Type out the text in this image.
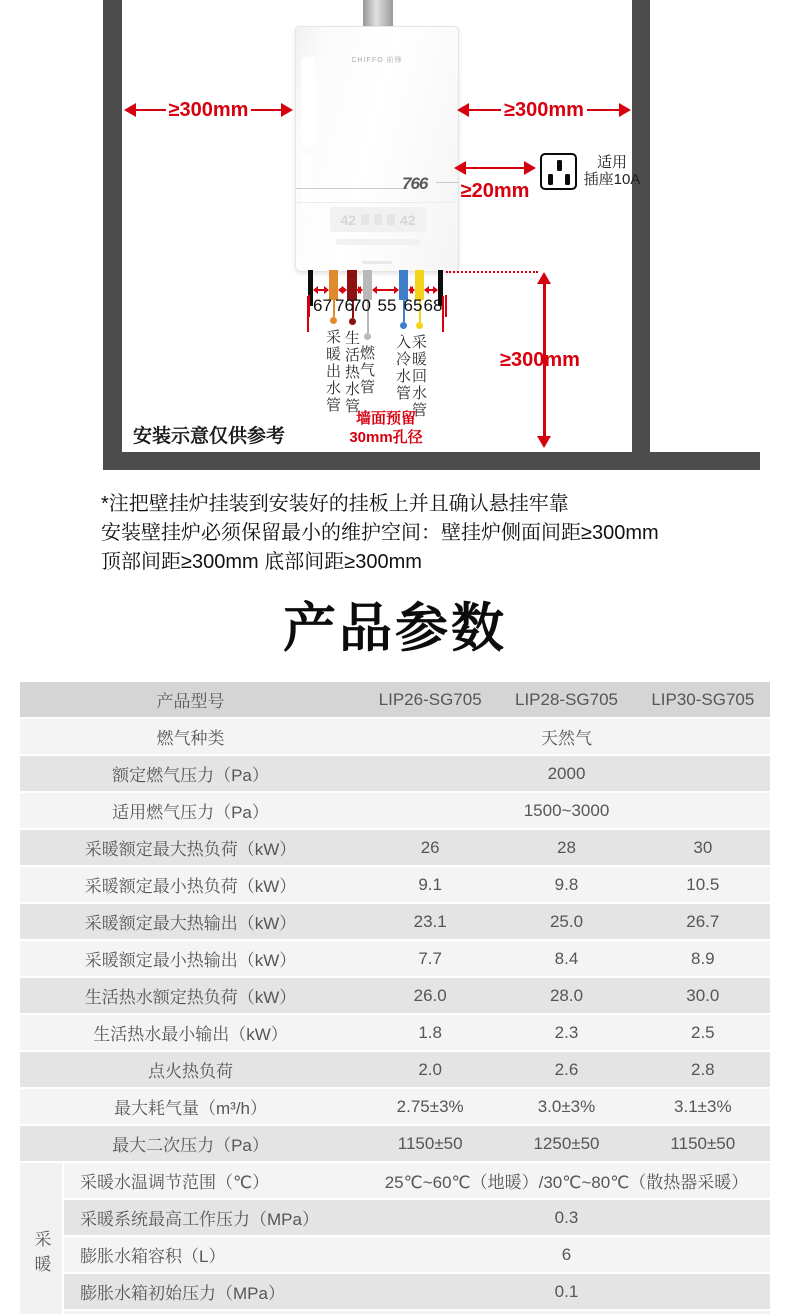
CHIFFO 前锋
766
42	42
≥300mm	≥300mm
≥20mm
适用
插座10A
≥300mm
采暖出水管 生活热水管
燃气管 入冷水管 采暖回水管
67 76
70 55 65 68
墙面预留
30mm孔径
安装示意仅供参考
*注把壁挂炉挂装到安装好的挂板上并且确认悬挂牢靠
安装壁挂炉必须保留最小的维护空间：壁挂炉侧面间距≥300mm
顶部间距≥300mm 底部间距≥300mm
产品参数
产品型号	LIP26-SG705	LIP28-SG705	LIP30-SG705
燃气种类	天然气
额定燃气压力（Pa）	2000
适用燃气压力（Pa）	1500~3000
采暖额定最大热负荷（kW）	26	28	30
采暖额定最小热负荷（kW）	9.1	9.8	10.5
采暖额定最大热输出（kW）	23.1	25.0	26.7
采暖额定最小热输出（kW）	7.7	8.4	8.9
生活热水额定热负荷（kW）	26.0	28.0	30.0
生活热水最小输出（kW）	1.8	2.3	2.5
点火热负荷	2.0	2.6	2.8
最大耗气量（m³/h）	2.75±3%	3.0±3%	3.1±3%
最大二次压力（Pa）	1150±50	1250±50	1150±50
采暖
采暖水温调节范围（℃）	25℃~60℃（地暖）/30℃~80℃（散热器采暖）
采暖系统最高工作压力（MPa）	0.3
膨胀水箱容积（L）	6
膨胀水箱初始压力（MPa）	0.1
